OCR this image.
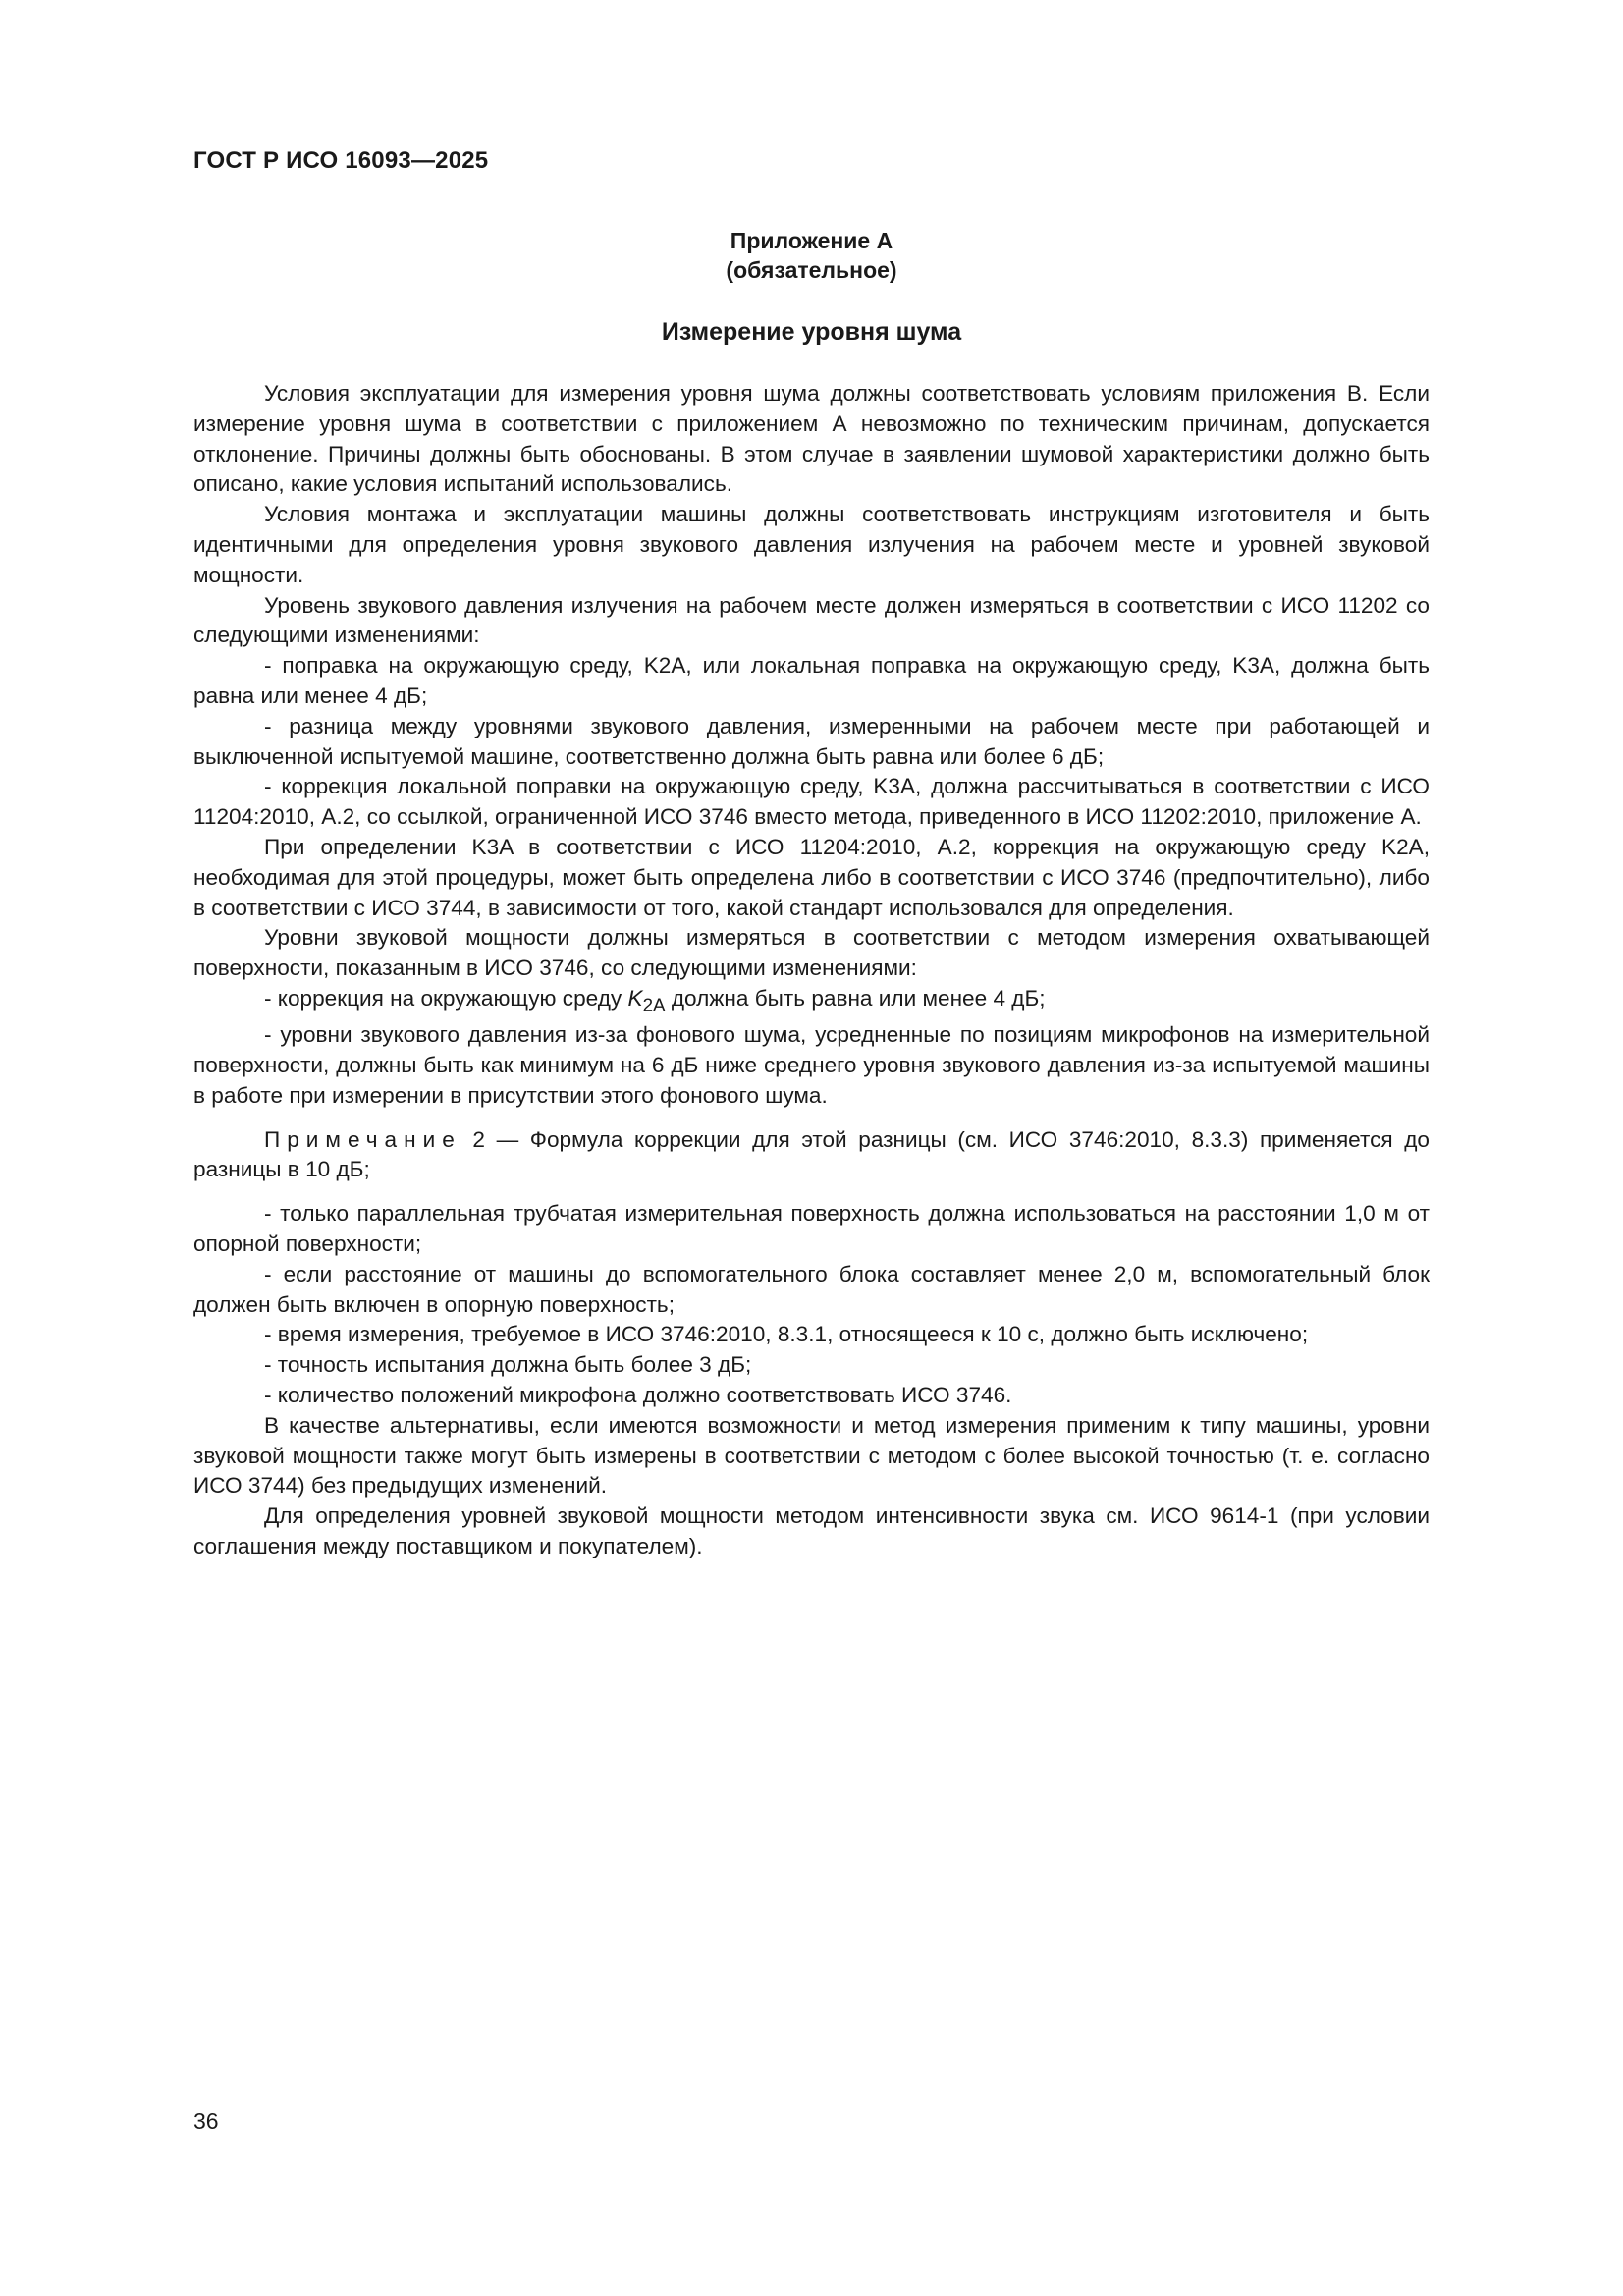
ГОСТ Р ИСО 16093—2025
Приложение А
(обязательное)
Измерение уровня шума

Условия эксплуатации для измерения уровня шума должны соответствовать условиям приложения В. Если измерение уровня шума в соответствии с приложением А невозможно по техническим причинам, допускается отклонение. Причины должны быть обоснованы. В этом случае в заявлении шумовой характеристики должно быть описано, какие условия испытаний использовались.

Условия монтажа и эксплуатации машины должны соответствовать инструкциям изготовителя и быть идентичными для определения уровня звукового давления излучения на рабочем месте и уровней звуковой мощности.

Уровень звукового давления излучения на рабочем месте должен измеряться в соответствии с ИСО 11202 со следующими изменениями:

- поправка на окружающую среду, K2A, или локальная поправка на окружающую среду, K3A, должна быть равна или менее 4 дБ;

- разница между уровнями звукового давления, измеренными на рабочем месте при работающей и выключенной испытуемой машине, соответственно должна быть равна или более 6 дБ;

- коррекция локальной поправки на окружающую среду, K3A, должна рассчитываться в соответствии с ИСО 11204:2010, А.2, со ссылкой, ограниченной ИСО 3746 вместо метода, приведенного в ИСО 11202:2010, приложение А.

При определении K3A в соответствии с ИСО 11204:2010, А.2, коррекция на окружающую среду K2A, необходимая для этой процедуры, может быть определена либо в соответствии с ИСО 3746 (предпочтительно), либо в соответствии с ИСО 3744, в зависимости от того, какой стандарт использовался для определения.

Уровни звуковой мощности должны измеряться в соответствии с методом измерения охватывающей поверхности, показанным в ИСО 3746, со следующими изменениями:

- коррекция на окружающую среду $K_{2A}$ должна быть равна или менее 4 дБ;

- уровни звукового давления из-за фонового шума, усредненные по позициям микрофонов на измерительной поверхности, должны быть как минимум на 6 дБ ниже среднего уровня звукового давления из-за испытуемой машины в работе при измерении в присутствии этого фонового шума.

Примечание 2 — Формула коррекции для этой разницы (см. ИСО 3746:2010, 8.3.3) применяется до разницы в 10 дБ;

- только параллельная трубчатая измерительная поверхность должна использоваться на расстоянии 1,0 м от опорной поверхности;

- если расстояние от машины до вспомогательного блока составляет менее 2,0 м, вспомогательный блок должен быть включен в опорную поверхность;

- время измерения, требуемое в ИСО 3746:2010, 8.3.1, относящееся к 10 с, должно быть исключено;

- точность испытания должна быть более 3 дБ;

- количество положений микрофона должно соответствовать ИСО 3746.

В качестве альтернативы, если имеются возможности и метод измерения применим к типу машины, уровни звуковой мощности также могут быть измерены в соответствии с методом с более высокой точностью (т. е. согласно ИСО 3744) без предыдущих изменений.

Для определения уровней звуковой мощности методом интенсивности звука см. ИСО 9614-1 (при условии соглашения между поставщиком и покупателем).

36
